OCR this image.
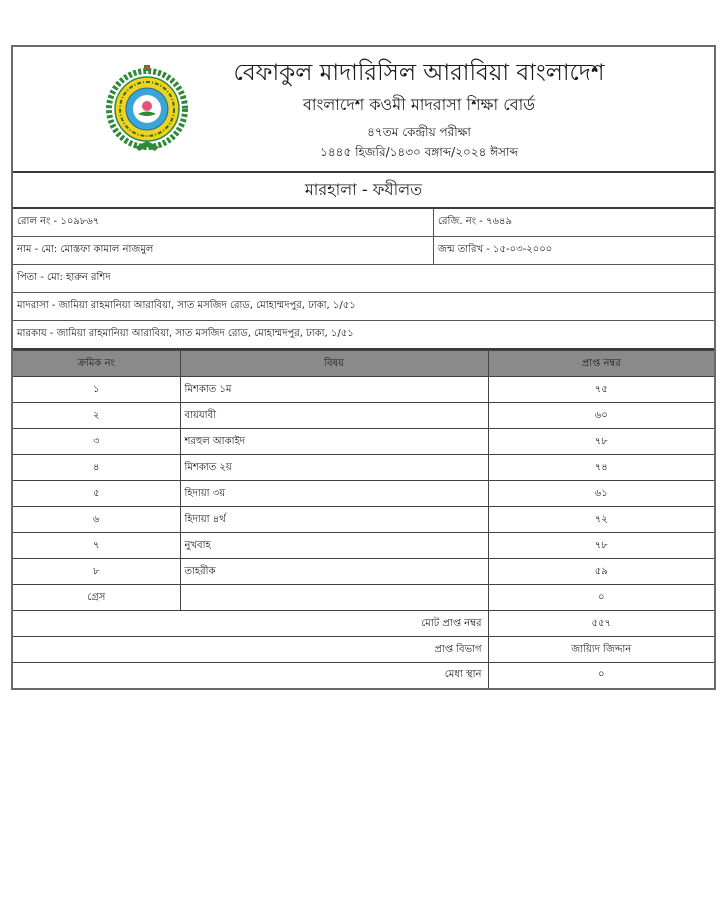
বেফাকুল মাদারিসিল আরাবিয়া বাংলাদেশ
বাংলাদেশ কওমী মাদরাসা শিক্ষা বোর্ড
৪৭তম কেন্দ্রীয় পরীক্ষা
১৪৪৫ হিজরি/১৪৩০ বঙ্গাব্দ/২০২৪ ঈসাব্দ
মারহালা - ফযীলত
রোল নং - ১০৯৮৬৭	রেজি. নং - ৭৬৪৯
নাম - মো: মোস্তফা কামাল নাজমুল	জন্ম তারিখ - ১৫-০৩-২০০০
পিতা - মো: হারুন রশিদ
মাদরাসা - জামিয়া রাহমানিয়া আরাবিয়া, সাত মসজিদ রোড, মোহাম্মদপুর, ঢাকা, ১/৫১
মারকায - জামিয়া রাহমানিয়া আরাবিয়া, সাত মসজিদ রোড, মোহাম্মদপুর, ঢাকা, ১/৫১
ক্রমিক নং	বিষয়	প্রাপ্ত নম্বর
১	মিশকাত ১ম	৭৫
২	বায়যাবী	৬০
৩	শরহুল আকাইদ	৭৮
৪	মিশকাত ২য়	৭৪
৫	হিদায়া ৩য়	৬১
৬	হিদায়া ৪র্থ	৭২
৭	নুখবাহ	৭৮
৮	তাহরীক	৫৯
গ্রেস		০
মোট প্রাপ্ত নম্বর		৫৫৭
প্রাপ্ত বিভাগ		জায়্যিদ জিদ্দান
মেধা স্থান		০
